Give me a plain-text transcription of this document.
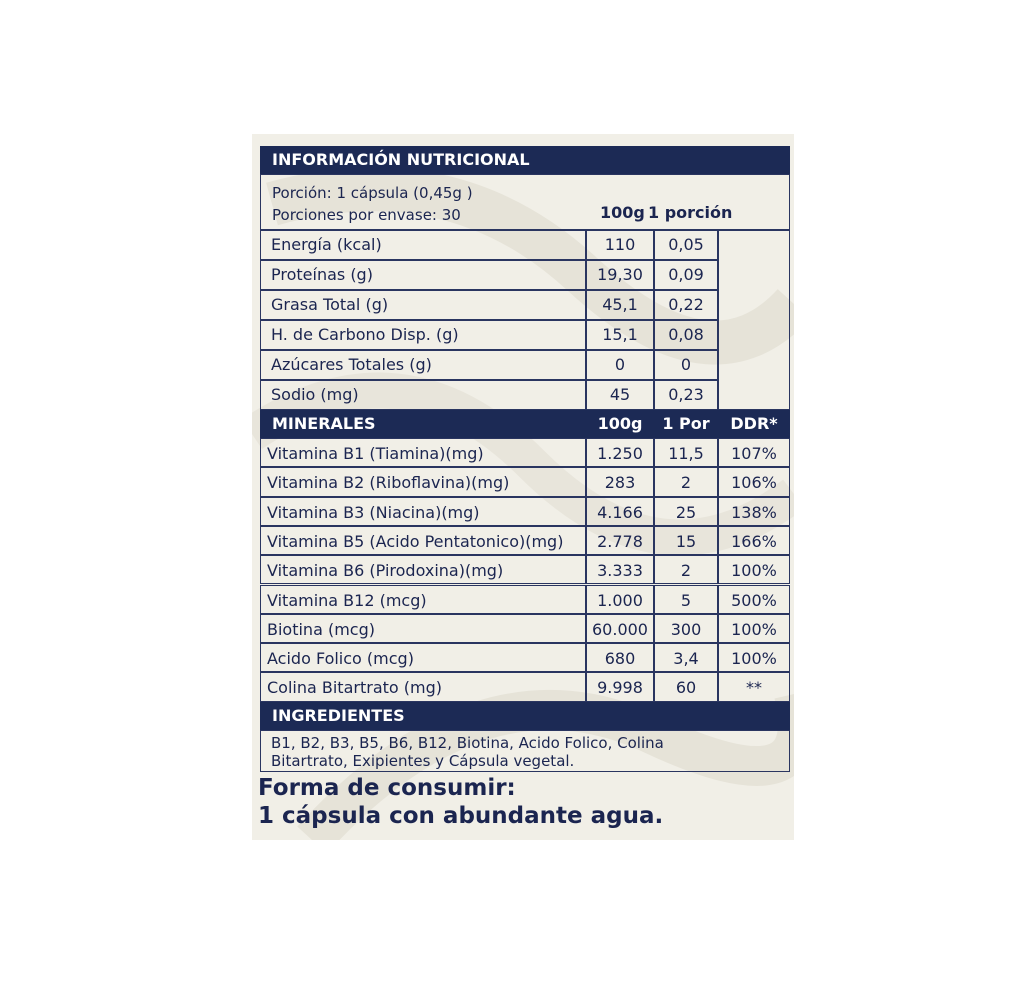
INFORMACIÓN NUTRICIONAL
Porción: 1 cápsula (0,45g )
Porciones por envase: 30	100g 1 porción
Energía (kcal)	110	0,05
Proteínas (g)	19,30	0,09
Grasa Total (g)	45,1	0,22
H. de Carbono Disp. (g)	15,1	0,08
Azúcares Totales (g)	0	0
Sodio (mg)	45	0,23
MINERALES	100g	1 Por	DDR*
Vitamina B1 (Tiamina)(mg)	1.250	11,5	107%
Vitamina B2 (Riboflavina)(mg)	283	2	106%
Vitamina B3 (Niacina)(mg)	4.166	25	138%
Vitamina B5 (Acido Pentatonico)(mg)	2.778	15	166%
Vitamina B6 (Pirodoxina)(mg)	3.333	2	100%
Vitamina B12 (mcg)	1.000	5	500%
Biotina (mcg)	60.000	300	100%
Acido Folico (mcg)	680	3,4	100%
Colina Bitartrato (mg)	9.998	60	**
INGREDIENTES
B1, B2, B3, B5, B6, B12, Biotina, Acido Folico, Colina
Bitartrato, Exipientes y Cápsula vegetal.
Forma de consumir:
1 cápsula con abundante agua.
